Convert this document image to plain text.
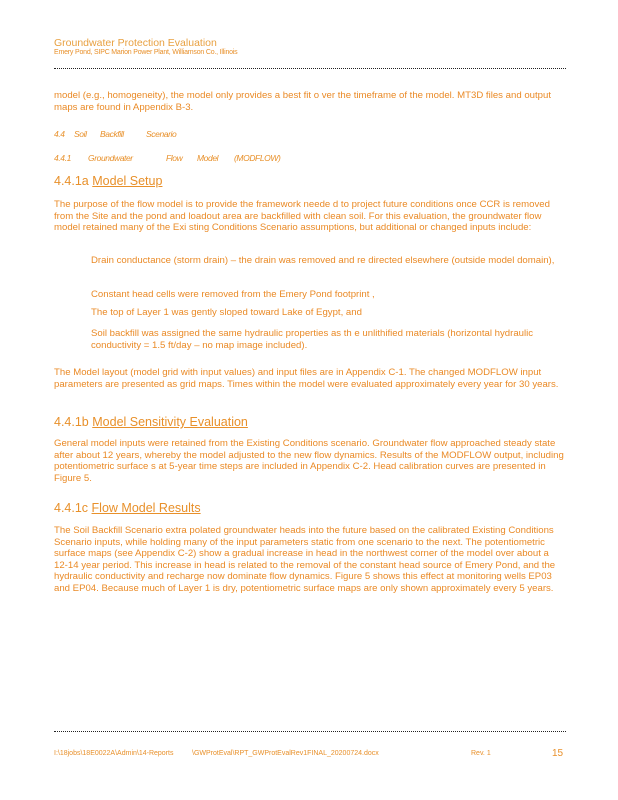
Groundwater Protection Evaluation
Emery Pond, SIPC Marion Power Plant, Williamson Co., Illinois

model (e.g., homogeneity), the model only provides a best fit o ver the timeframe of the model. MT3D files and output maps are found in Appendix B-3.

4.4 Soil Backfill	Scenario
4.4.1 Groundwater	Flow Model (MODFLOW)
4.4.1a Model Setup

The purpose of the flow model is to provide the framework neede d to project future conditions once CCR is removed from the Site and the pond and loadout area are backfilled with clean soil. For this evaluation, the groundwater flow model retained many of the Exi sting Conditions Scenario assumptions, but additional or changed inputs include:

Drain conductance (storm drain) – the drain was removed and re directed elsewhere (outside model domain),
Constant head cells were removed from the Emery Pond footprint ,
The top of Layer 1 was gently sloped toward Lake of Egypt, and
Soil backfill was assigned the same hydraulic properties as th e unlithified materials (horizontal hydraulic conductivity = 1.5 ft/day – no map image included).

The Model layout (model grid with input values) and input files are in Appendix C-1. The changed MODFLOW input parameters are presented as grid maps. Times within the model were evaluated approximately every year for 30 years.

4.4.1b Model Sensitivity Evaluation

General model inputs were retained from the Existing Conditions scenario. Groundwater flow approached steady state after about 12 years, whereby the model adjusted to the new flow dynamics. Results of the MODFLOW output, including potentiometric surface s at 5-year time steps are included in Appendix C-2. Head calibration curves are presented in Figure 5.

4.4.1c Flow Model Results

The Soil Backfill Scenario extra polated groundwater heads into the future based on the calibrated Existing Conditions Scenario inputs, while holding many of the input parameters static from one scenario to the next. The potentiometric surface maps (see Appendix C-2) show a gradual increase in head in the northwest corner of the model over about a 12-14 year period. This increase in head is related to the removal of the constant head source of Emery Pond, and the hydraulic conductivity and recharge now dominate flow dynamics. Figure 5 shows this effect at monitoring wells EP03 and EP04. Because much of Layer 1 is dry, potentiometric surface maps are only shown approximately every 5 years.

I:\18jobs\18E0022A\Admin\14-Reports	\GWProtEval\RPT_GWProtEvalRev1FINAL_20200724.docx	Rev. 1	15
